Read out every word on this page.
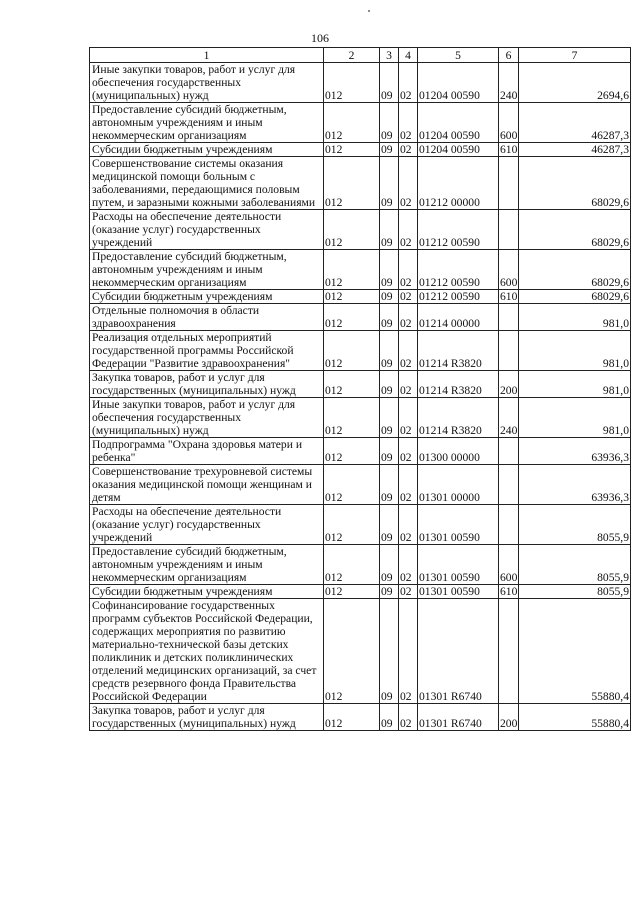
106
1	2	3	4	5	6	7
Иные закупки товаров, работ и услуг для обеспечения государственных (муниципальных) нужд	012	09	02	01204 00590	240	2694,6
Предоставление субсидий бюджетным, автономным учреждениям и иным некоммерческим организациям	012	09	02	01204 00590	600	46287,3
Субсидии бюджетным учреждениям	012	09	02	01204 00590	610	46287,3
Совершенствование системы оказания медицинской помощи больным с заболеваниями, передающимися половым путем, и заразными кожными заболеваниями	012	09	02	01212 00000		68029,6
Расходы на обеспечение деятельности (оказание услуг) государственных учреждений	012	09	02	01212 00590		68029,6
Предоставление субсидий бюджетным, автономным учреждениям и иным некоммерческим организациям	012	09	02	01212 00590	600	68029,6
Субсидии бюджетным учреждениям	012	09	02	01212 00590	610	68029,6
Отдельные полномочия в области здравоохранения	012	09	02	01214 00000		981,0
Реализация отдельных мероприятий государственной программы Российской Федерации "Развитие здравоохранения"	012	09	02	01214 R3820		981,0
Закупка товаров, работ и услуг для государственных (муниципальных) нужд	012	09	02	01214 R3820	200	981,0
Иные закупки товаров, работ и услуг для обеспечения государственных (муниципальных) нужд	012	09	02	01214 R3820	240	981,0
Подпрограмма "Охрана здоровья матери и ребенка"	012	09	02	01300 00000		63936,3
Совершенствование трехуровневой системы оказания медицинской помощи женщинам и детям	012	09	02	01301 00000		63936,3
Расходы на обеспечение деятельности (оказание услуг) государственных учреждений	012	09	02	01301 00590		8055,9
Предоставление субсидий бюджетным, автономным учреждениям и иным некоммерческим организациям	012	09	02	01301 00590	600	8055,9
Субсидии бюджетным учреждениям	012	09	02	01301 00590	610	8055,9
Софинансирование государственных программ субъектов Российской Федерации, содержащих мероприятия по развитию материально-технической базы детских поликлиник и детских поликлинических отделений медицинских организаций, за счет средств резервного фонда Правительства Российской Федерации	012	09	02	01301 R6740		55880,4
Закупка товаров, работ и услуг для государственных (муниципальных) нужд	012	09	02	01301 R6740	200	55880,4
